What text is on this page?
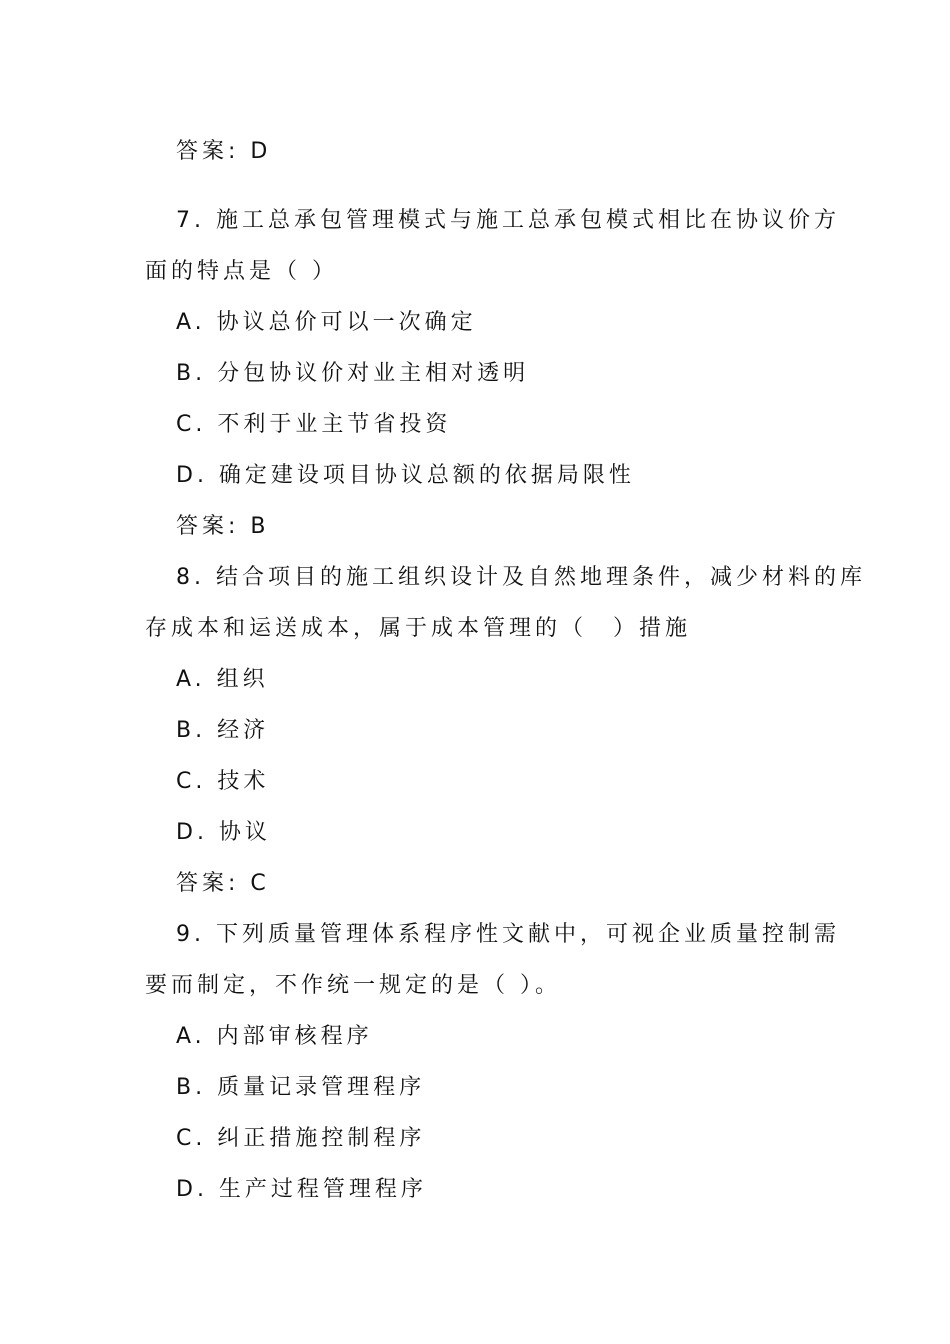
答案: D
7. 施工总承包管理模式与施工总承包模式相比在协议价方
面的特点是（ ）
A. 协议总价可以一次确定
B. 分包协议价对业主相对透明
C. 不利于业主节省投资
D. 确定建设项目协议总额的依据局限性
答案: B
8. 结合项目的施工组织设计及自然地理条件，减少材料的库
存成本和运送成本，属于成本管理的（　）措施
A. 组织
B. 经济
C. 技术
D. 协议
答案: C
9. 下列质量管理体系程序性文献中，可视企业质量控制需
要而制定，不作统一规定的是（ ）。
A. 内部审核程序
B. 质量记录管理程序
C. 纠正措施控制程序
D. 生产过程管理程序
